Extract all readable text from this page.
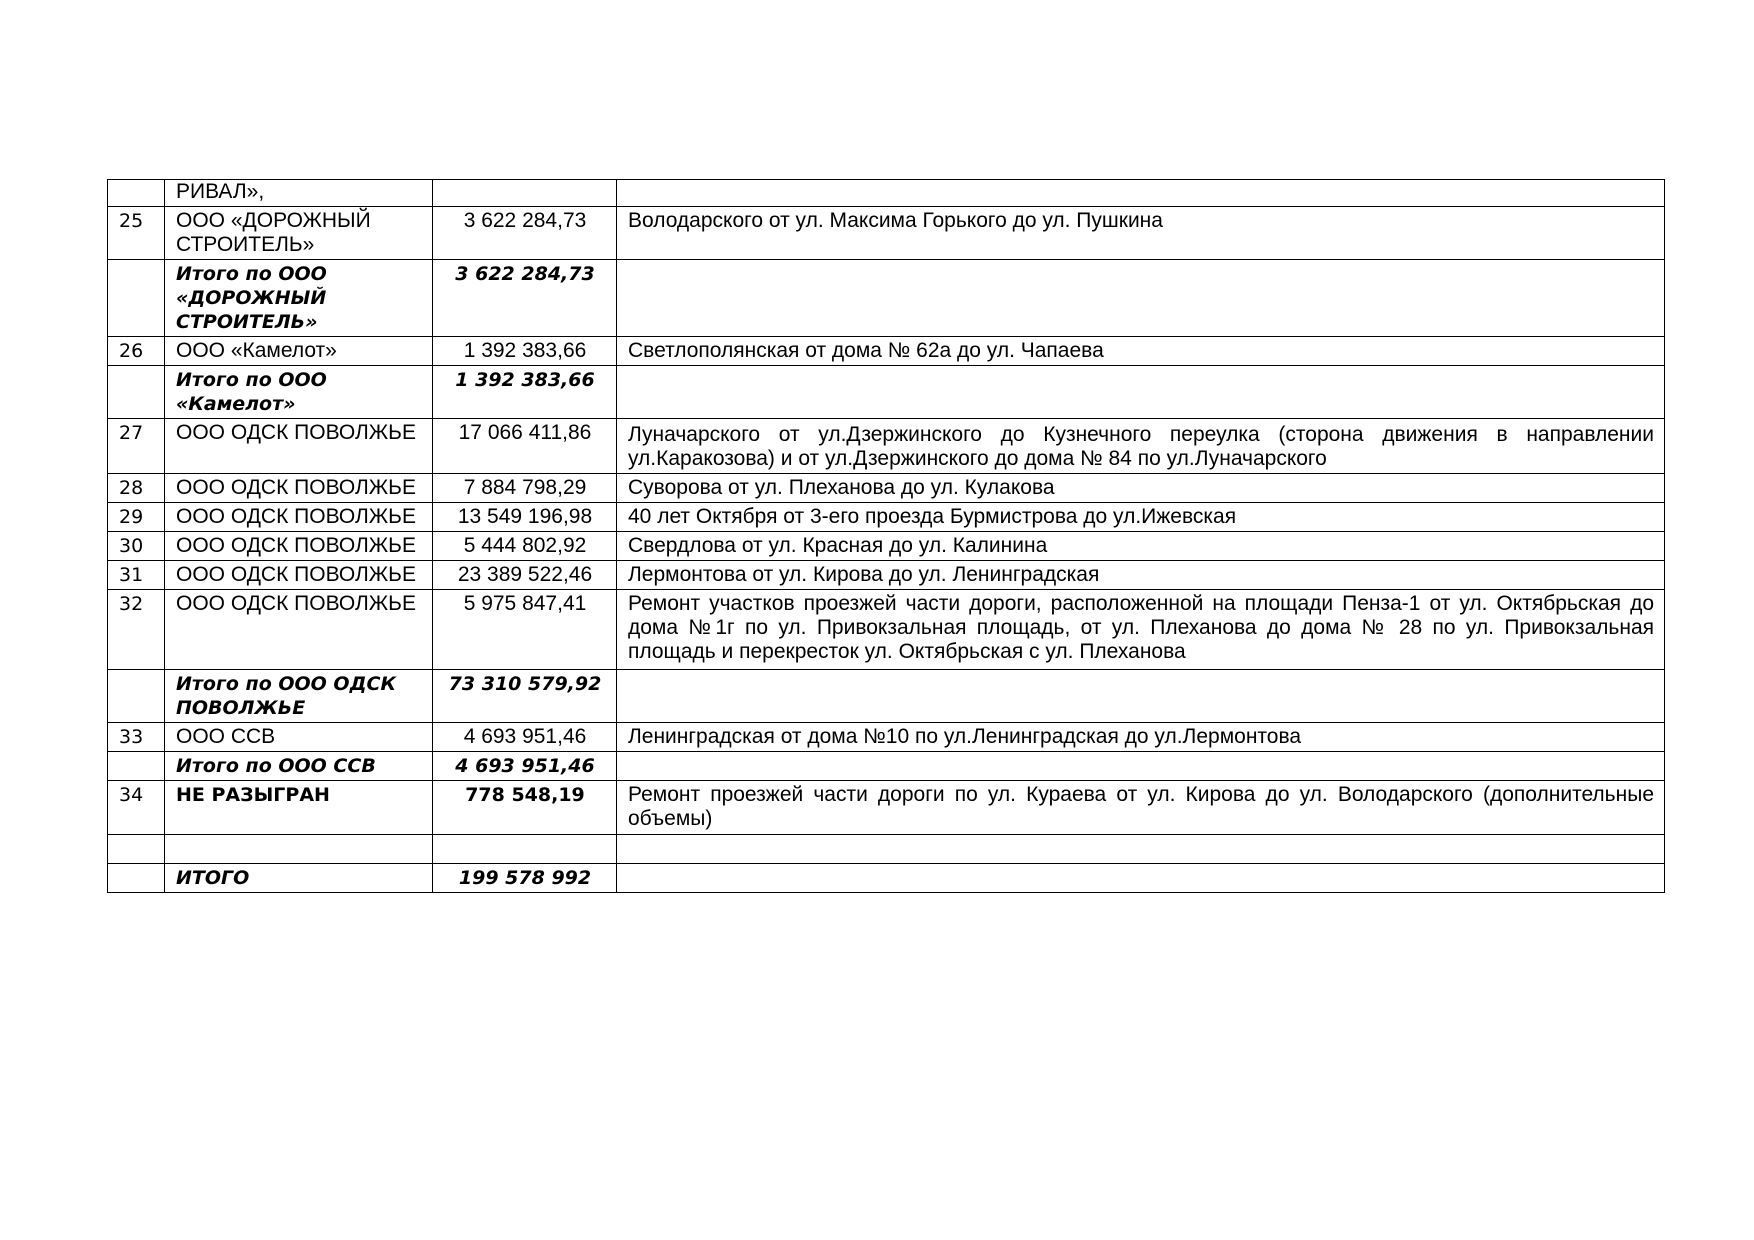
	РИВАЛ»,		
25	ООО «ДОРОЖНЫЙ СТРОИТЕЛЬ»	3 622 284,73	Володарского от ул. Максима Горького до ул. Пушкина
	Итого по ООО «ДОРОЖНЫЙ СТРОИТЕЛЬ»	3 622 284,73	
26	ООО «Камелот»	1 392 383,66	Светлополянская от дома № 62а до ул. Чапаева
	Итого по ООО «Камелот»	1 392 383,66	
27	ООО ОДСК ПОВОЛЖЬЕ	17 066 411,86	Луначарского от ул.Дзержинского до Кузнечного переулка (сторона движения в направлении ул.Каракозова) и от ул.Дзержинского до дома № 84 по ул.Луначарского
28	ООО ОДСК ПОВОЛЖЬЕ	7 884 798,29	Суворова от ул. Плеханова до ул. Кулакова
29	ООО ОДСК ПОВОЛЖЬЕ	13 549 196,98	40 лет Октября от 3-его проезда Бурмистрова до ул.Ижевская
30	ООО ОДСК ПОВОЛЖЬЕ	5 444 802,92	Свердлова от ул. Красная до ул. Калинина
31	ООО ОДСК ПОВОЛЖЬЕ	23 389 522,46	Лермонтова от ул. Кирова до ул. Ленинградская
32	ООО ОДСК ПОВОЛЖЬЕ	5 975 847,41	Ремонт участков проезжей части дороги, расположенной на площади Пенза-1 от ул. Октябрьская до дома №1г по ул. Привокзальная площадь, от ул. Плеханова до дома № 28 по ул. Привокзальная площадь и перекресток ул. Октябрьская с ул. Плеханова
	Итого по ООО ОДСК ПОВОЛЖЬЕ	73 310 579,92	
33	ООО ССВ	4 693 951,46	Ленинградская от дома №10 по ул.Ленинградская до ул.Лермонтова
	Итого по ООО ССВ	4 693 951,46	
34	НЕ РАЗЫГРАН	778 548,19	Ремонт проезжей части дороги по ул. Кураева от ул. Кирова до ул. Володарского (дополнительные объемы)

	ИТОГО	199 578 992	
